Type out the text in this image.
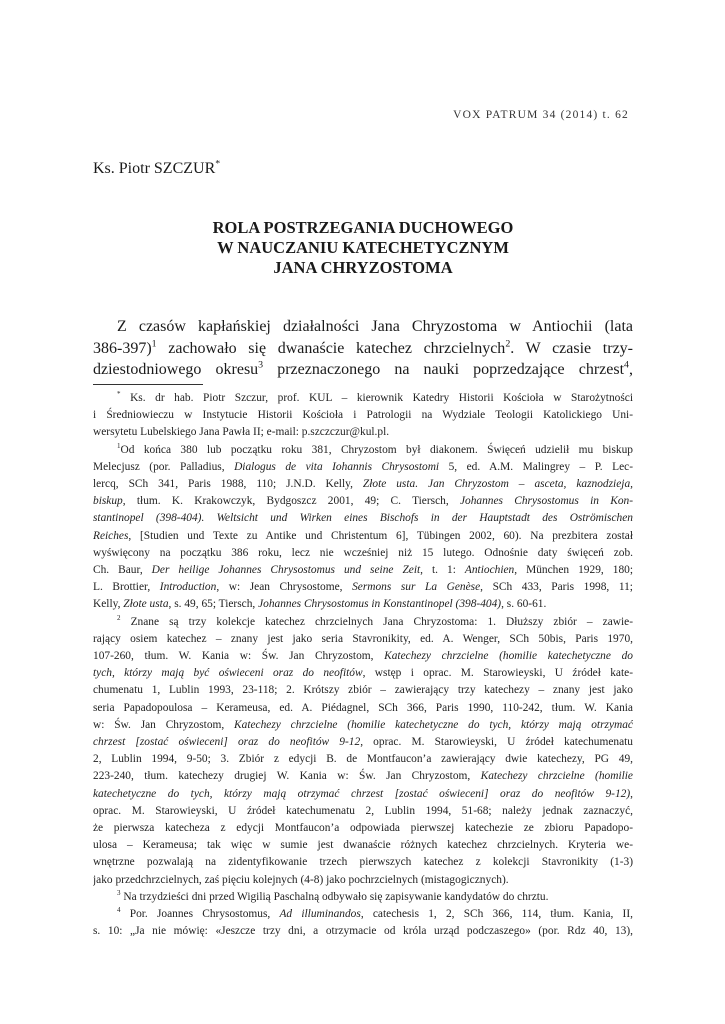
VOX PATRUM 34 (2014) t. 62
Ks. Piotr SZCZUR*
ROLA POSTRZEGANIA DUCHOWEGO
W NAUCZANIU KATECHETYCZNYM
JANA CHRYZOSTOMA
Z czasów kapłańskiej działalności Jana Chryzostoma w Antiochii (lata
386-397)$^1$ zachowało się dwanaście katechez chrzcielnych$^2$. W czasie trzy-
dziestodniowego okresu$^3$ przeznaczonego na nauki poprzedzające chrzest$^4$,
* Ks. dr hab. Piotr Szczur, prof. KUL – kierownik Katedry Historii Kościoła w Starożytności
i Średniowieczu w Instytucie Historii Kościoła i Patrologii na Wydziale Teologii Katolickiego Uni-
wersytetu Lubelskiego Jana Pawła II; e-mail: p.szczczur@kul.pl.
$^1$Od końca 380 lub początku roku 381, Chryzostom był diakonem. Święceń udzielił mu biskup
Melecjusz (por. Palladius, Dialogus de vita Iohannis Chrysostomi 5, ed. A.M. Malingrey – P. Lec-
lercq, SCh 341, Paris 1988, 110; J.N.D. Kelly, Złote usta. Jan Chryzostom – asceta, kaznodzieja,
biskup, tłum. K. Krakowczyk, Bydgoszcz 2001, 49; C. Tiersch, Johannes Chrysostomus in Kon-
stantinopel (398-404). Weltsicht und Wirken eines Bischofs in der Hauptstadt des Oströmischen
Reiches, [Studien und Texte zu Antike und Christentum 6], Tübingen 2002, 60). Na prezbitera został
wyświęcony na początku 386 roku, lecz nie wcześniej niż 15 lutego. Odnośnie daty święceń zob.
Ch. Baur, Der heilige Johannes Chrysostomus und seine Zeit, t. 1: Antiochien, München 1929, 180;
L. Brottier, Introduction, w: Jean Chrysostome, Sermons sur La Genèse, SCh 433, Paris 1998, 11;
Kelly, Złote usta, s. 49, 65; Tiersch, Johannes Chrysostomus in Konstantinopel (398-404), s. 60-61.
$^2$ Znane są trzy kolekcje katechez chrzcielnych Jana Chryzostoma: 1. Dłuższy zbiór – zawie-
rający osiem katechez – znany jest jako seria Stavronikity, ed. A. Wenger, SCh 50bis, Paris 1970,
107-260, tłum. W. Kania w: Św. Jan Chryzostom, Katechezy chrzcielne (homilie katechetyczne do
tych, którzy mają być oświeceni oraz do neofitów, wstęp i oprac. M. Starowieyski, U źródeł kate-
chumenatu 1, Lublin 1993, 23-118; 2. Krótszy zbiór – zawierający trzy katechezy – znany jest jako
seria Papadopoulosa – Kerameusa, ed. A. Piédagnel, SCh 366, Paris 1990, 110-242, tłum. W. Kania
w: Św. Jan Chryzostom, Katechezy chrzcielne (homilie katechetyczne do tych, którzy mają otrzymać
chrzest [zostać oświeceni] oraz do neofitów 9-12, oprac. M. Starowieyski, U źródeł katechumenatu
2, Lublin 1994, 9-50; 3. Zbiór z edycji B. de Montfaucon’a zawierający dwie katechezy, PG 49,
223-240, tłum. katechezy drugiej W. Kania w: Św. Jan Chryzostom, Katechezy chrzcielne (homilie
katechetyczne do tych, którzy mają otrzymać chrzest [zostać oświeceni] oraz do neofitów 9-12),
oprac. M. Starowieyski, U źródeł katechumenatu 2, Lublin 1994, 51-68; należy jednak zaznaczyć,
że pierwsza katecheza z edycji Montfaucon’a odpowiada pierwszej katechezie ze zbioru Papadopo-
ulosa – Kerameusa; tak więc w sumie jest dwanaście różnych katechez chrzcielnych. Kryteria we-
wnętrzne pozwalają na zidentyfikowanie trzech pierwszych katechez z kolekcji Stavronikity (1-3)
jako przedchrzcielnych, zaś pięciu kolejnych (4-8) jako pochrzcielnych (mistagogicznych).
$^3$ Na trzydzieści dni przed Wigilią Paschalną odbywało się zapisywanie kandydatów do chrztu.
$^4$ Por. Joannes Chrysostomus, Ad illuminandos, catechesis 1, 2, SCh 366, 114, tłum. Kania, II,
s. 10: „Ja nie mówię: «Jeszcze trzy dni, a otrzymacie od króla urząd podczaszego» (por. Rdz 40, 13),
